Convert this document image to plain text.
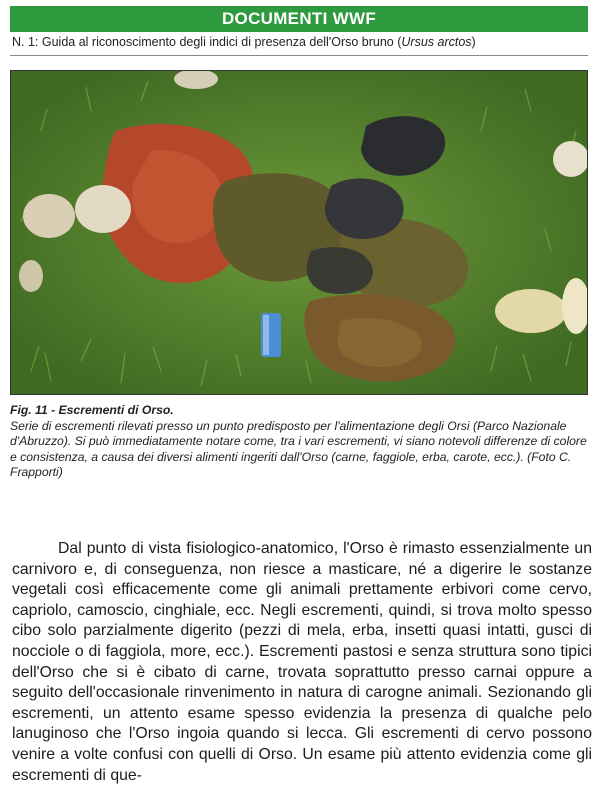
DOCUMENTI WWF
N. 1: Guida al riconoscimento degli indici di presenza dell'Orso bruno (Ursus arctos)
Fig. 11 - Escrementi di Orso.
Serie di escrementi rilevati presso un punto predisposto per l'alimentazione degli Orsi (Parco Nazionale d'Abruzzo). Si può immediatamente notare come, tra i vari escrementi, vi siano notevoli differenze di colore e consistenza, a causa dei diversi alimenti ingeriti dall'Orso (carne, faggiole, erba, carote, ecc.). (Foto C. Frapporti)
Dal punto di vista fisiologico-anatomico, l'Orso è rimasto essenzialmente un carnivoro e, di conseguenza, non riesce a masticare, né a digerire le sostanze vegetali così efficacemente come gli animali prettamente erbivori come cervo, capriolo, camoscio, cinghiale, ecc. Negli escrementi, quindi, si trova molto spesso cibo solo parzialmente digerito (pezzi di mela, erba, insetti quasi intatti, gusci di nocciole o di faggiola, more, ecc.). Escrementi pastosi e senza struttura sono tipici dell'Orso che si è cibato di carne, trovata soprattutto presso carnai oppure a seguito dell'occasionale rinvenimento in natura di carogne animali. Sezionando gli escrementi, un attento esame spesso evidenzia la presenza di qualche pelo lanuginoso che l'Orso ingoia quando si lecca. Gli escrementi di cervo possono venire a volte confusi con quelli di Orso. Un esame più attento evidenzia come gli escrementi di que-
